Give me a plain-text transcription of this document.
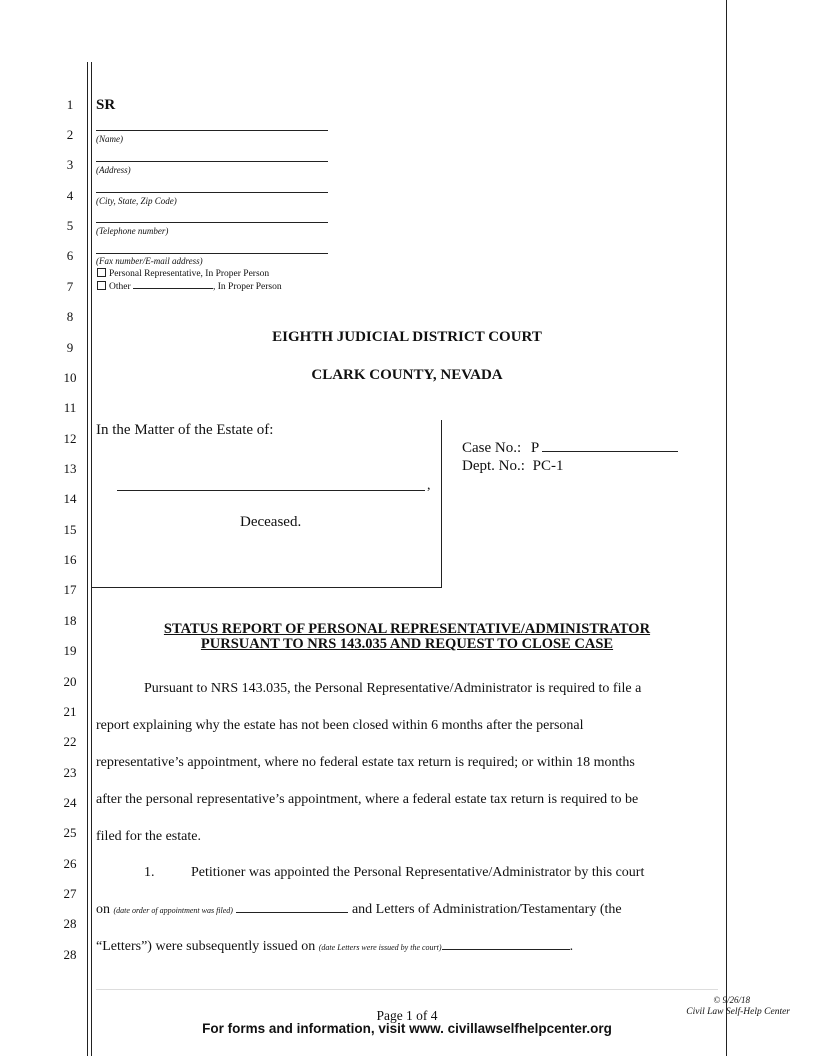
1
2
3
4
5
6
7
8
9
10
11
12
13
14
15
16
17
18
19
20
21
22
23
24
25
26
27
28
28
SR
(Name)
(Address)
(City, State, Zip Code)
(Telephone number)
(Fax number/E-mail address)
Personal Representative, In Proper Person
Other	, In Proper Person
EIGHTH JUDICIAL DISTRICT COURT
CLARK COUNTY, NEVADA
In the Matter of the Estate of:
,
Deceased.
Case No.: P
Dept. No.: PC-1
STATUS REPORT OF PERSONAL REPRESENTATIVE/ADMINISTRATOR
PURSUANT TO NRS 143.035 AND REQUEST TO CLOSE CASE
Pursuant to NRS 143.035, the Personal Representative/Administrator is required to file a
report explaining why the estate has not been closed within 6 months after the personal
representative’s appointment, where no federal estate tax return is required; or within 18 months
after the personal representative’s appointment, where a federal estate tax return is required to be
filed for the estate.
1.	Petitioner was appointed the Personal Representative/Administrator by this court
on (date order of appointment was filed)	and Letters of Administration/Testamentary (the
“Letters”) were subsequently issued on (date Letters were issued by the court)	.
Page 1 of 4
For forms and information, visit www. civillawselfhelpcenter.org
© 9/26/18
Civil Law Self-Help Center
